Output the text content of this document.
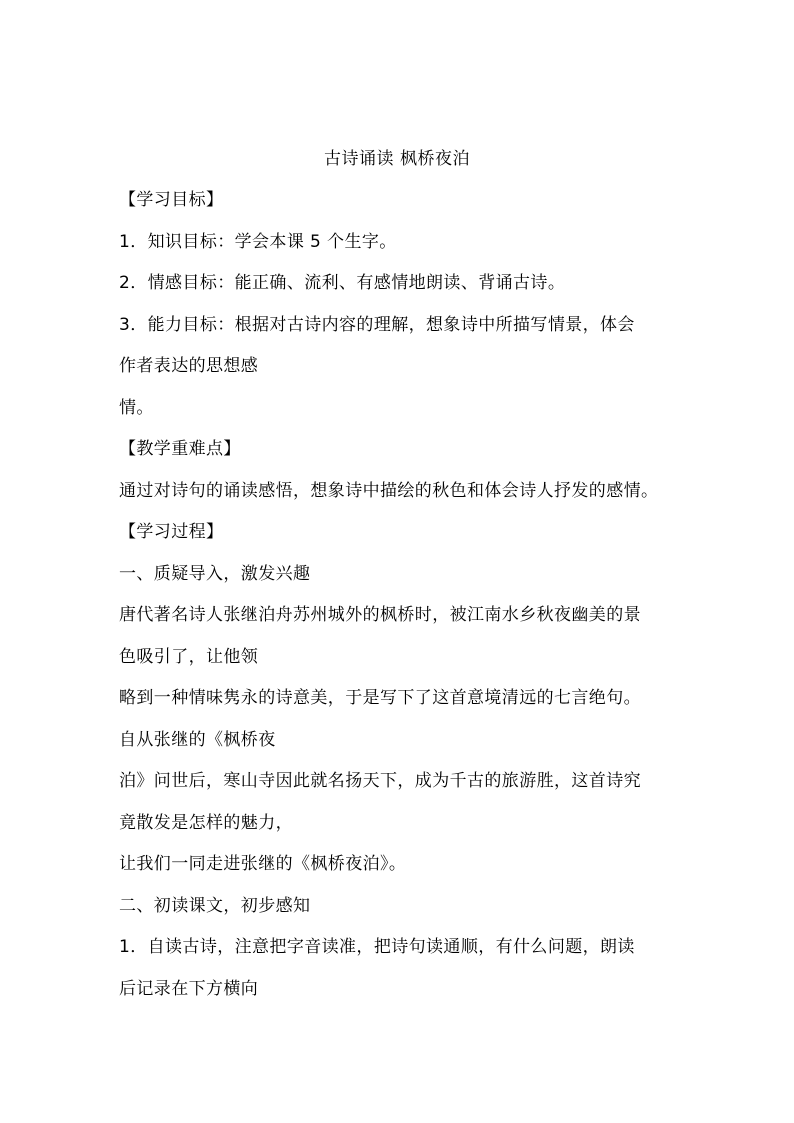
古诗诵读 枫桥夜泊
【学习目标】
1．知识目标：学会本课 5 个生字。
2．情感目标：能正确、流利、有感情地朗读、背诵古诗。
3．能力目标：根据对古诗内容的理解，想象诗中所描写情景，体会
作者表达的思想感
情。
【教学重难点】
通过对诗句的诵读感悟，想象诗中描绘的秋色和体会诗人抒发的感情。
【学习过程】
一、质疑导入，激发兴趣
唐代著名诗人张继泊舟苏州城外的枫桥时，被江南水乡秋夜幽美的景
色吸引了，让他领
略到一种情味隽永的诗意美，于是写下了这首意境清远的七言绝句。
自从张继的《枫桥夜
泊》问世后，寒山寺因此就名扬天下，成为千古的旅游胜，这首诗究
竟散发是怎样的魅力，
让我们一同走进张继的《枫桥夜泊》。
二、初读课文，初步感知
1．自读古诗，注意把字音读准，把诗句读通顺，有什么问题，朗读
后记录在下方横向
